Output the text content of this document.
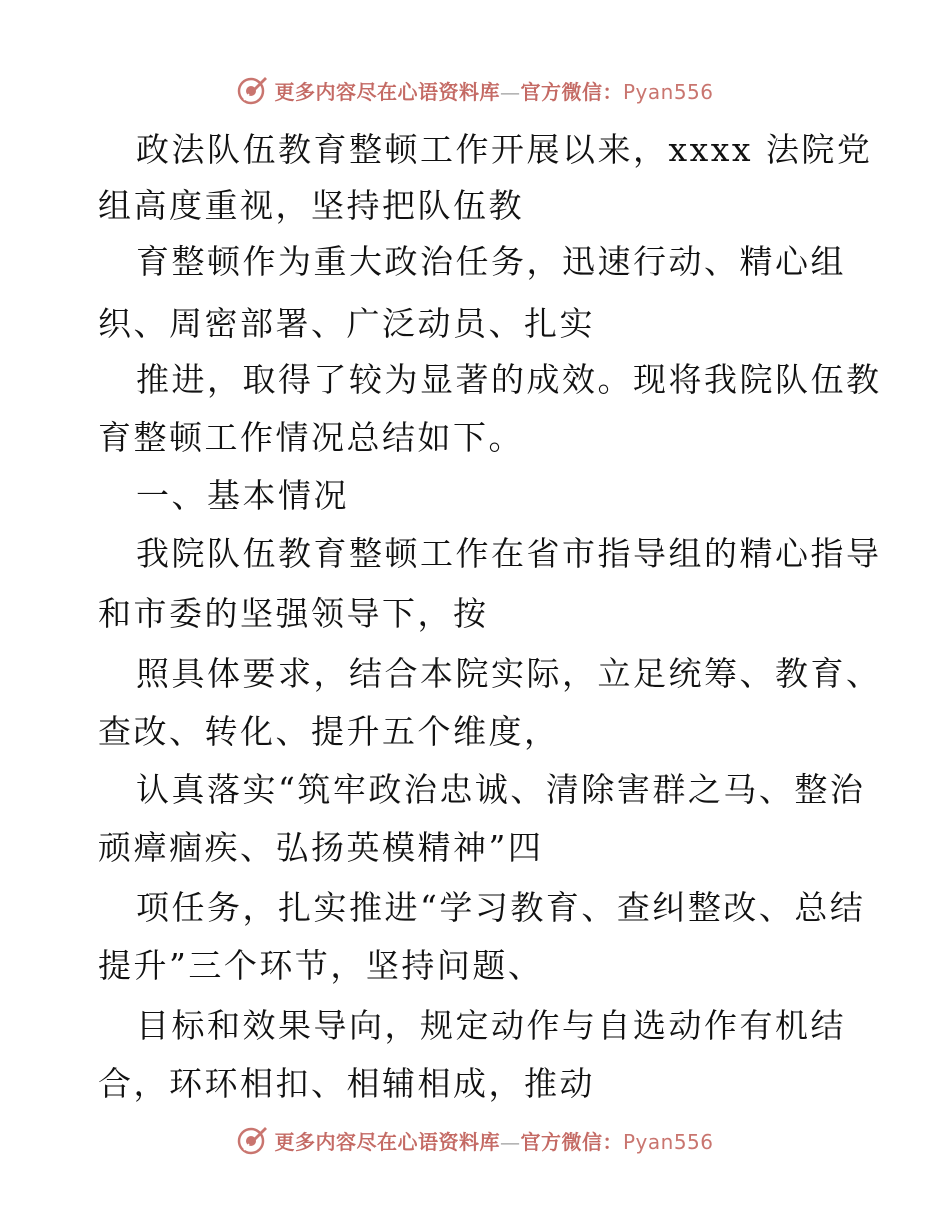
更多内容尽在心语资料库—官方微信：Pyan556
政法队伍教育整顿工作开展以来，xxxx 法院党
组高度重视，坚持把队伍教
育整顿作为重大政治任务，迅速行动、精心组
织、周密部署、广泛动员、扎实
推进，取得了较为显著的成效。现将我院队伍教
育整顿工作情况总结如下。
一、基本情况
我院队伍教育整顿工作在省市指导组的精心指导
和市委的坚强领导下，按
照具体要求，结合本院实际，立足统筹、教育、
查改、转化、提升五个维度，
认真落实“筑牢政治忠诚、清除害群之马、整治
顽瘴痼疾、弘扬英模精神”四
项任务，扎实推进“学习教育、查纠整改、总结
提升”三个环节，坚持问题、
目标和效果导向，规定动作与自选动作有机结
合，环环相扣、相辅相成，推动
更多内容尽在心语资料库—官方微信：Pyan556
